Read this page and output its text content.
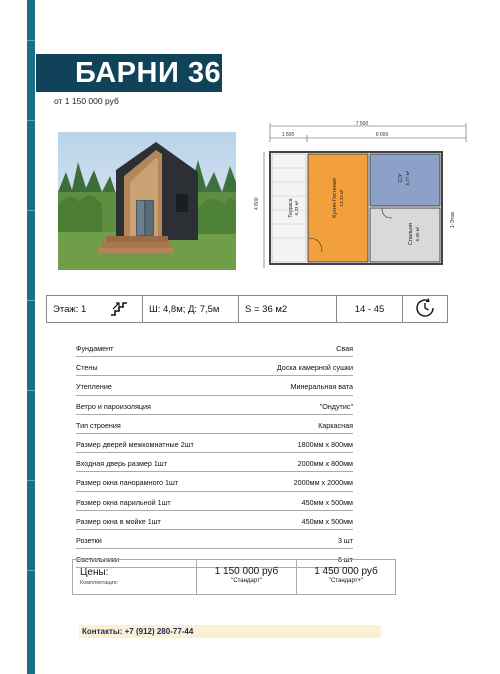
БАРНИ 36
от 1 150 000 руб
7 500
1 500	6 000
4 800
1-Этаж
Терраса 6,33 м²	Кухня-Гостиная 13,33 м²
С/У 5,77 м²
Спальня 6,95 м²
Этаж: 1	Ш: 4,8м; Д: 7,5м	S = 36 м2	14 - 45
Фундамент	Свая
Стены	Доска камерной сушки
Утепление	Минеральная вата
Ветро и пароизоляция	"Ондутис"
Тип строения	Каркасная
Размер дверей межкомнатные 2шт	1800мм х 800мм
Входная дверь размер 1шт	2000мм х 800мм
Размер окна панорамного 1шт	2000мм х 2000мм
Размер окна парильной 1шт	450мм х 500мм
Размер окна в мойке 1шт	450мм х 500мм
Розетки	3 шт
Светильники	6 шт
Цены:
Комплектация:
1 150 000 руб
"Стандарт"
1 450 000 руб
"Стандарт+"
Контакты: +7 (912) 280-77-44
